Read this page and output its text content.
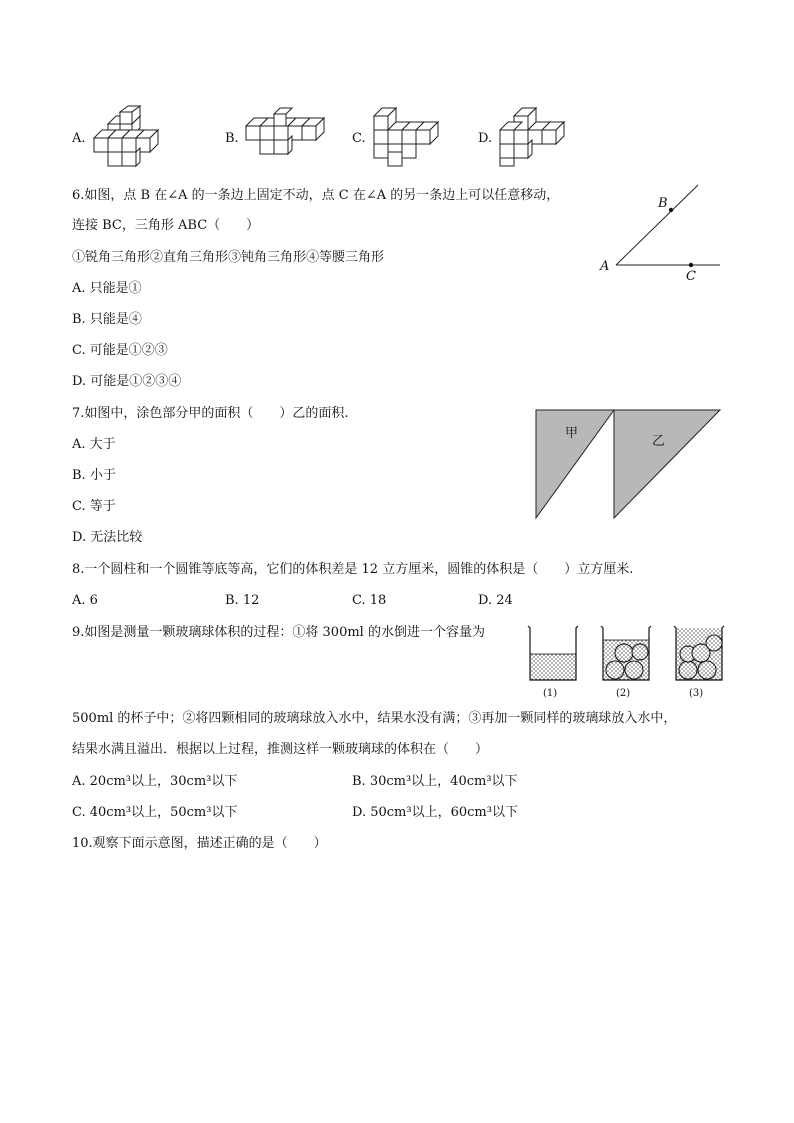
A.	B.	C.	D.
6.如图，点 B 在∠A 的一条边上固定不动，点 C 在∠A 的另一条边上可以任意移动，
连接 BC，三角形 ABC（　　）
①锐角三角形②直角三角形③钝角三角形④等腰三角形
A. 只能是①
B. 只能是④
C. 可能是①②③
D. 可能是①②③④
A
B
C
7.如图中，涂色部分甲的面积（　　）乙的面积.
A. 大于
B. 小于
C. 等于
D. 无法比较
甲
乙
8.一个圆柱和一个圆锥等底等高，它们的体积差是 12 立方厘米，圆锥的体积是（　　）立方厘米.
A. 6	B. 12	C. 18	D. 24
9.如图是测量一颗玻璃球体积的过程：①将 300ml 的水倒进一个容量为
500ml 的杯子中；②将四颗相同的玻璃球放入水中，结果水没有满；③再加一颗同样的玻璃球放入水中，
结果水满且溢出．根据以上过程，推测这样一颗玻璃球的体积在（　　）
A. 20cm³以上，30cm³以下	B. 30cm³以上，40cm³以下
C. 40cm³以上，50cm³以下	D. 50cm³以上，60cm³以下
(1)	(2)	(3)
10.观察下面示意图，描述正确的是（　　）
